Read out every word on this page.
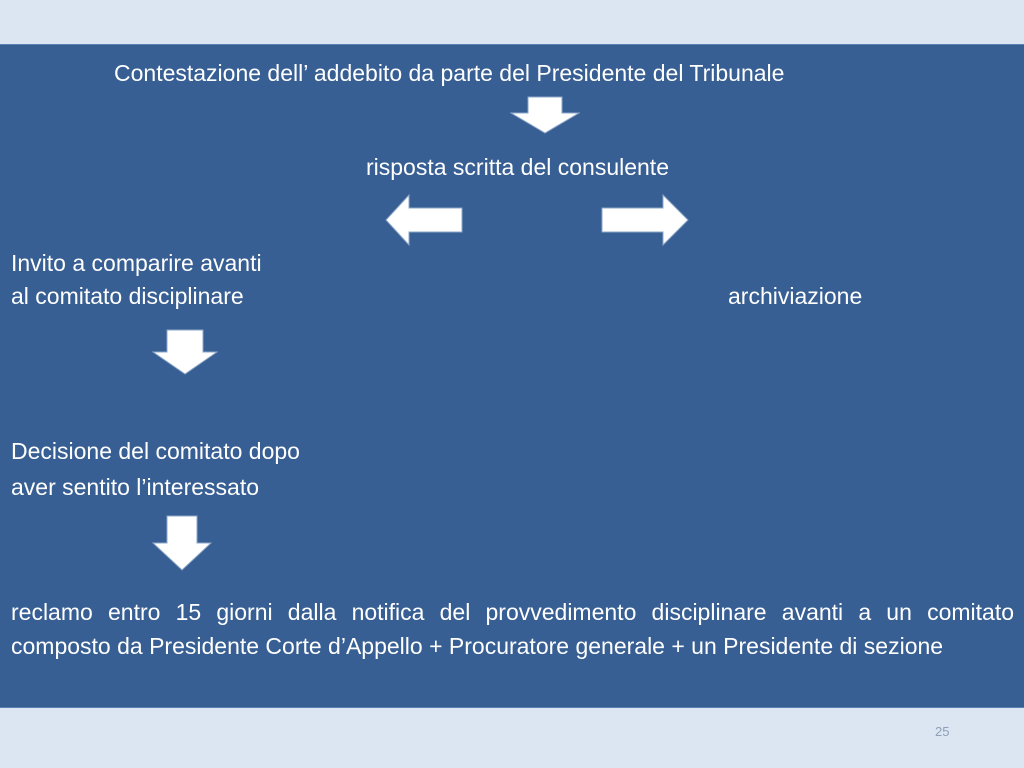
Contestazione dell’ addebito da parte del Presidente del Tribunale

risposta scritta del consulente

Invito a comparire avanti

al comitato disciplinare	archiviazione

Decisione del comitato dopo

aver sentito l’interessato

reclamo entro 15 giorni dalla notifica del provvedimento disciplinare avanti a un comitato composto da Presidente Corte d’Appello + Procuratore generale + un Presidente di sezione

25
